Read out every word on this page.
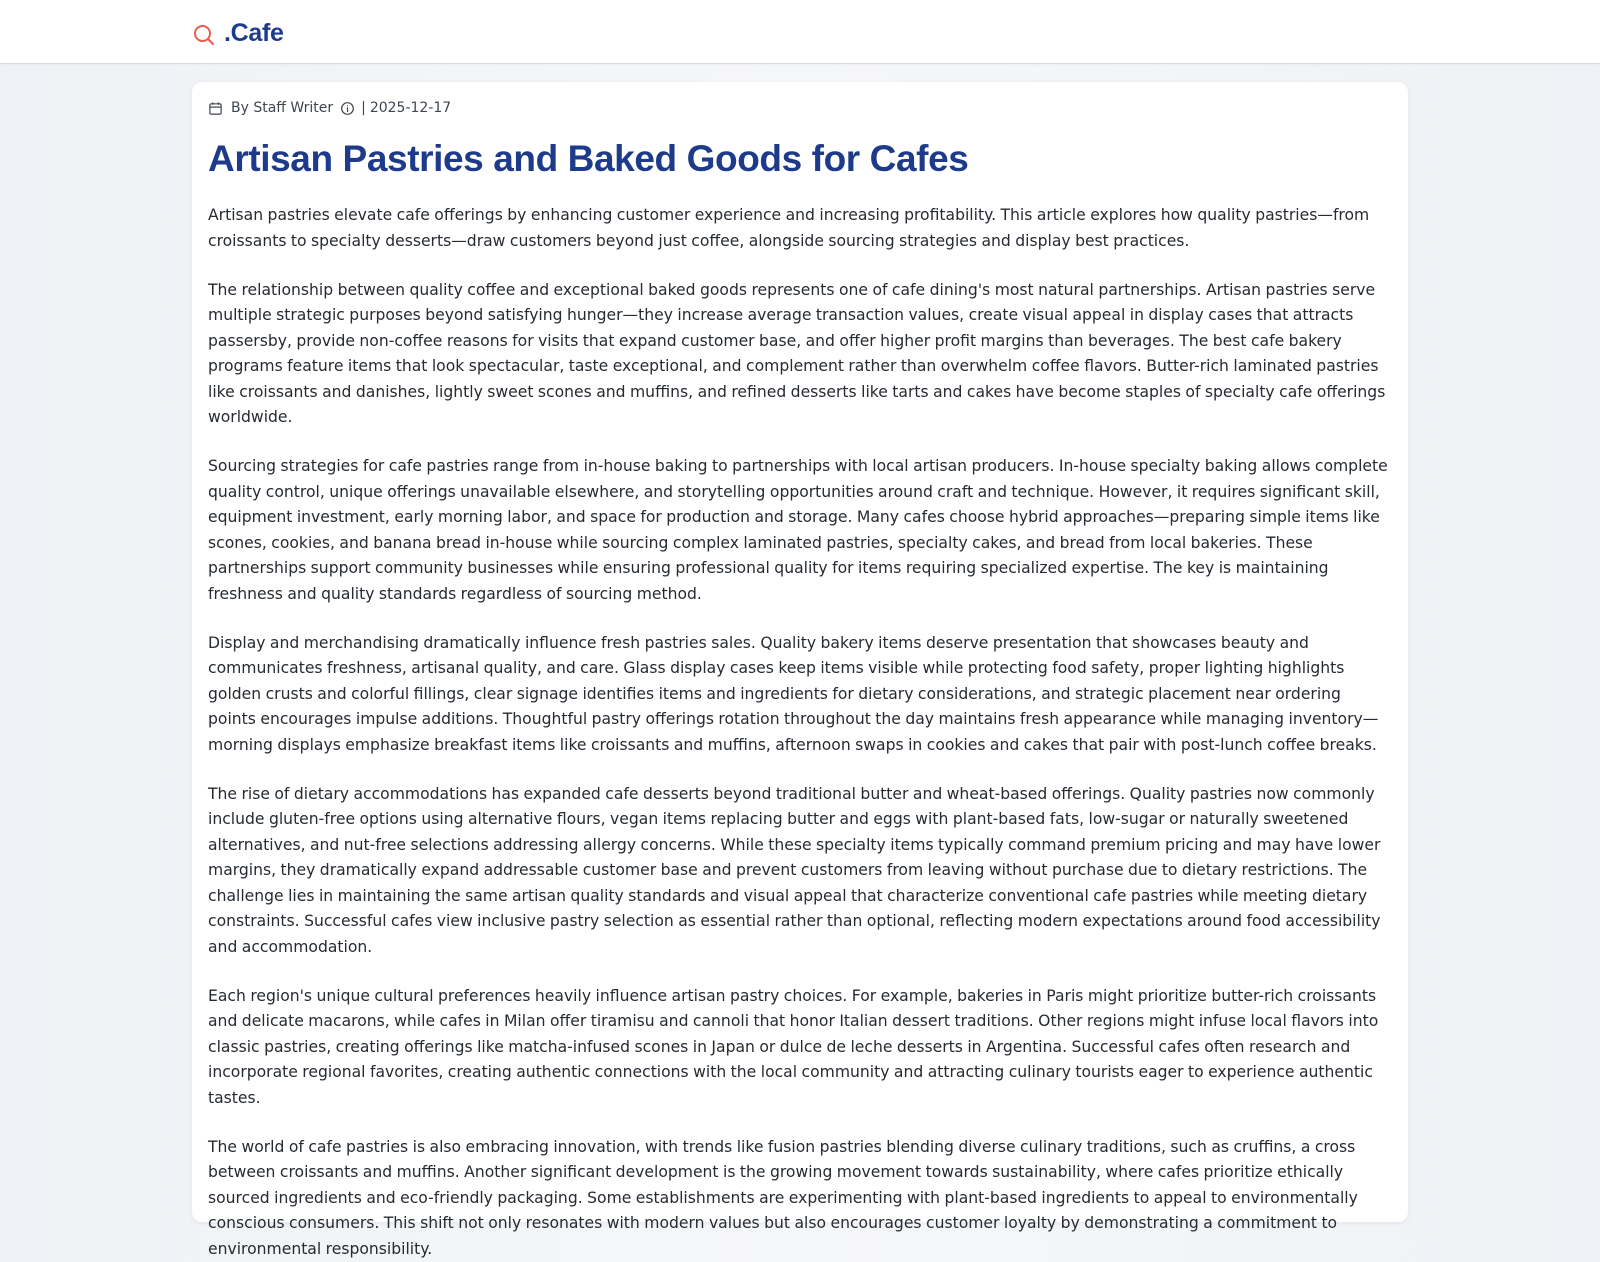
.Cafe
By Staff Writer | 2025-12-17
Artisan Pastries and Baked Goods for Cafes

Artisan pastries elevate cafe offerings by enhancing customer experience and increasing profitability. This article explores how quality pastries—from croissants to specialty desserts—draw customers beyond just coffee, alongside sourcing strategies and display best practices.

The relationship between quality coffee and exceptional baked goods represents one of cafe dining's most natural partnerships. Artisan pastries serve multiple strategic purposes beyond satisfying hunger—they increase average transaction values, create visual appeal in display cases that attracts passersby, provide non-coffee reasons for visits that expand customer base, and offer higher profit margins than beverages. The best cafe bakery programs feature items that look spectacular, taste exceptional, and complement rather than overwhelm coffee flavors. Butter-rich laminated pastries like croissants and danishes, lightly sweet scones and muffins, and refined desserts like tarts and cakes have become staples of specialty cafe offerings worldwide.

Sourcing strategies for cafe pastries range from in-house baking to partnerships with local artisan producers. In-house specialty baking allows complete quality control, unique offerings unavailable elsewhere, and storytelling opportunities around craft and technique. However, it requires significant skill, equipment investment, early morning labor, and space for production and storage. Many cafes choose hybrid approaches—preparing simple items like scones, cookies, and banana bread in-house while sourcing complex laminated pastries, specialty cakes, and bread from local bakeries. These partnerships support community businesses while ensuring professional quality for items requiring specialized expertise. The key is maintaining freshness and quality standards regardless of sourcing method.

Display and merchandising dramatically influence fresh pastries sales. Quality bakery items deserve presentation that showcases beauty and communicates freshness, artisanal quality, and care. Glass display cases keep items visible while protecting food safety, proper lighting highlights golden crusts and colorful fillings, clear signage identifies items and ingredients for dietary considerations, and strategic placement near ordering points encourages impulse additions. Thoughtful pastry offerings rotation throughout the day maintains fresh appearance while managing inventory—morning displays emphasize breakfast items like croissants and muffins, afternoon swaps in cookies and cakes that pair with post-lunch coffee breaks.

The rise of dietary accommodations has expanded cafe desserts beyond traditional butter and wheat-based offerings. Quality pastries now commonly include gluten-free options using alternative flours, vegan items replacing butter and eggs with plant-based fats, low-sugar or naturally sweetened alternatives, and nut-free selections addressing allergy concerns. While these specialty items typically command premium pricing and may have lower margins, they dramatically expand addressable customer base and prevent customers from leaving without purchase due to dietary restrictions. The challenge lies in maintaining the same artisan quality standards and visual appeal that characterize conventional cafe pastries while meeting dietary constraints. Successful cafes view inclusive pastry selection as essential rather than optional, reflecting modern expectations around food accessibility and accommodation.

Each region's unique cultural preferences heavily influence artisan pastry choices. For example, bakeries in Paris might prioritize butter-rich croissants and delicate macarons, while cafes in Milan offer tiramisu and cannoli that honor Italian dessert traditions. Other regions might infuse local flavors into classic pastries, creating offerings like matcha-infused scones in Japan or dulce de leche desserts in Argentina. Successful cafes often research and incorporate regional favorites, creating authentic connections with the local community and attracting culinary tourists eager to experience authentic tastes.

The world of cafe pastries is also embracing innovation, with trends like fusion pastries blending diverse culinary traditions, such as cruffins, a cross between croissants and muffins. Another significant development is the growing movement towards sustainability, where cafes prioritize ethically sourced ingredients and eco-friendly packaging. Some establishments are experimenting with plant-based ingredients to appeal to environmentally conscious consumers. This shift not only resonates with modern values but also encourages customer loyalty by demonstrating a commitment to environmental responsibility.
